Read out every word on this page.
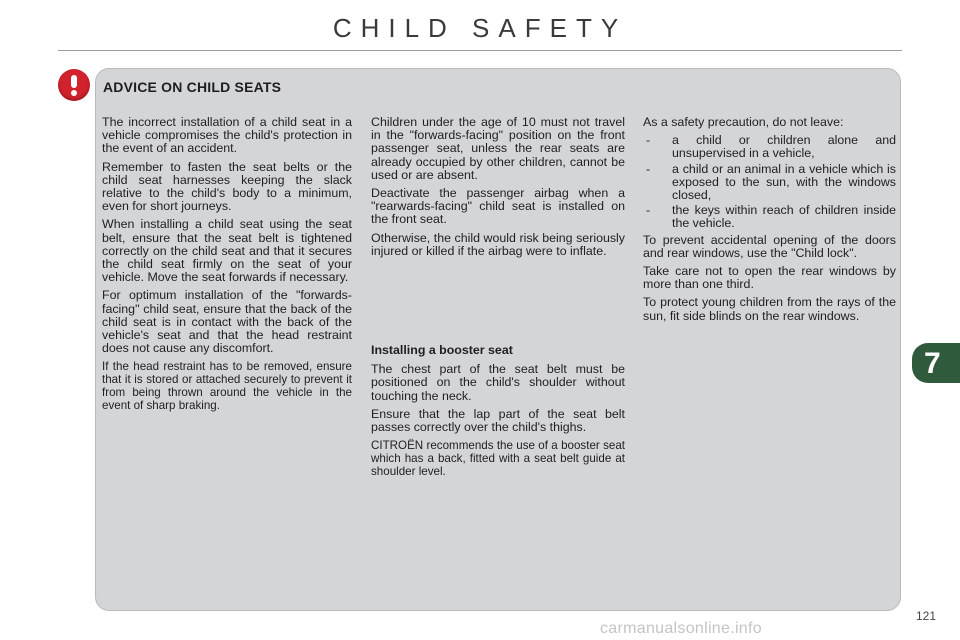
CHILD SAFETY
ADVICE ON CHILD SEATS

The incorrect installation of a child seat in a vehicle compromises the child's protection in the event of an accident.

Remember to fasten the seat belts or the child seat harnesses keeping the slack relative to the child's body to a minimum, even for short journeys.

When installing a child seat using the seat belt, ensure that the seat belt is tightened correctly on the child seat and that it secures the child seat firmly on the seat of your vehicle. Move the seat forwards if necessary.

For optimum installation of the "forwards-facing" child seat, ensure that the back of the child seat is in contact with the back of the vehicle's seat and that the head restraint does not cause any discomfort.

If the head restraint has to be removed, ensure that it is stored or attached securely to prevent it from being thrown around the vehicle in the event of sharp braking.

Children under the age of 10 must not travel in the "forwards-facing" position on the front passenger seat, unless the rear seats are already occupied by other children, cannot be used or are absent.

Deactivate the passenger airbag when a "rearwards-facing" child seat is installed on the front seat.

Otherwise, the child would risk being seriously injured or killed if the airbag were to inflate.

Installing a booster seat

The chest part of the seat belt must be positioned on the child's shoulder without touching the neck.

Ensure that the lap part of the seat belt passes correctly over the child's thighs.

CITROËN recommends the use of a booster seat which has a back, fitted with a seat belt guide at shoulder level.

As a safety precaution, do not leave:

- a child or children alone and unsupervised in a vehicle,
- a child or an animal in a vehicle which is exposed to the sun, with the windows closed,
- the keys within reach of children inside the vehicle.

To prevent accidental opening of the doors and rear windows, use the "Child lock".

Take care not to open the rear windows by more than one third.

To protect young children from the rays of the sun, fit side blinds on the rear windows.

7
121
carmanualsonline.info
